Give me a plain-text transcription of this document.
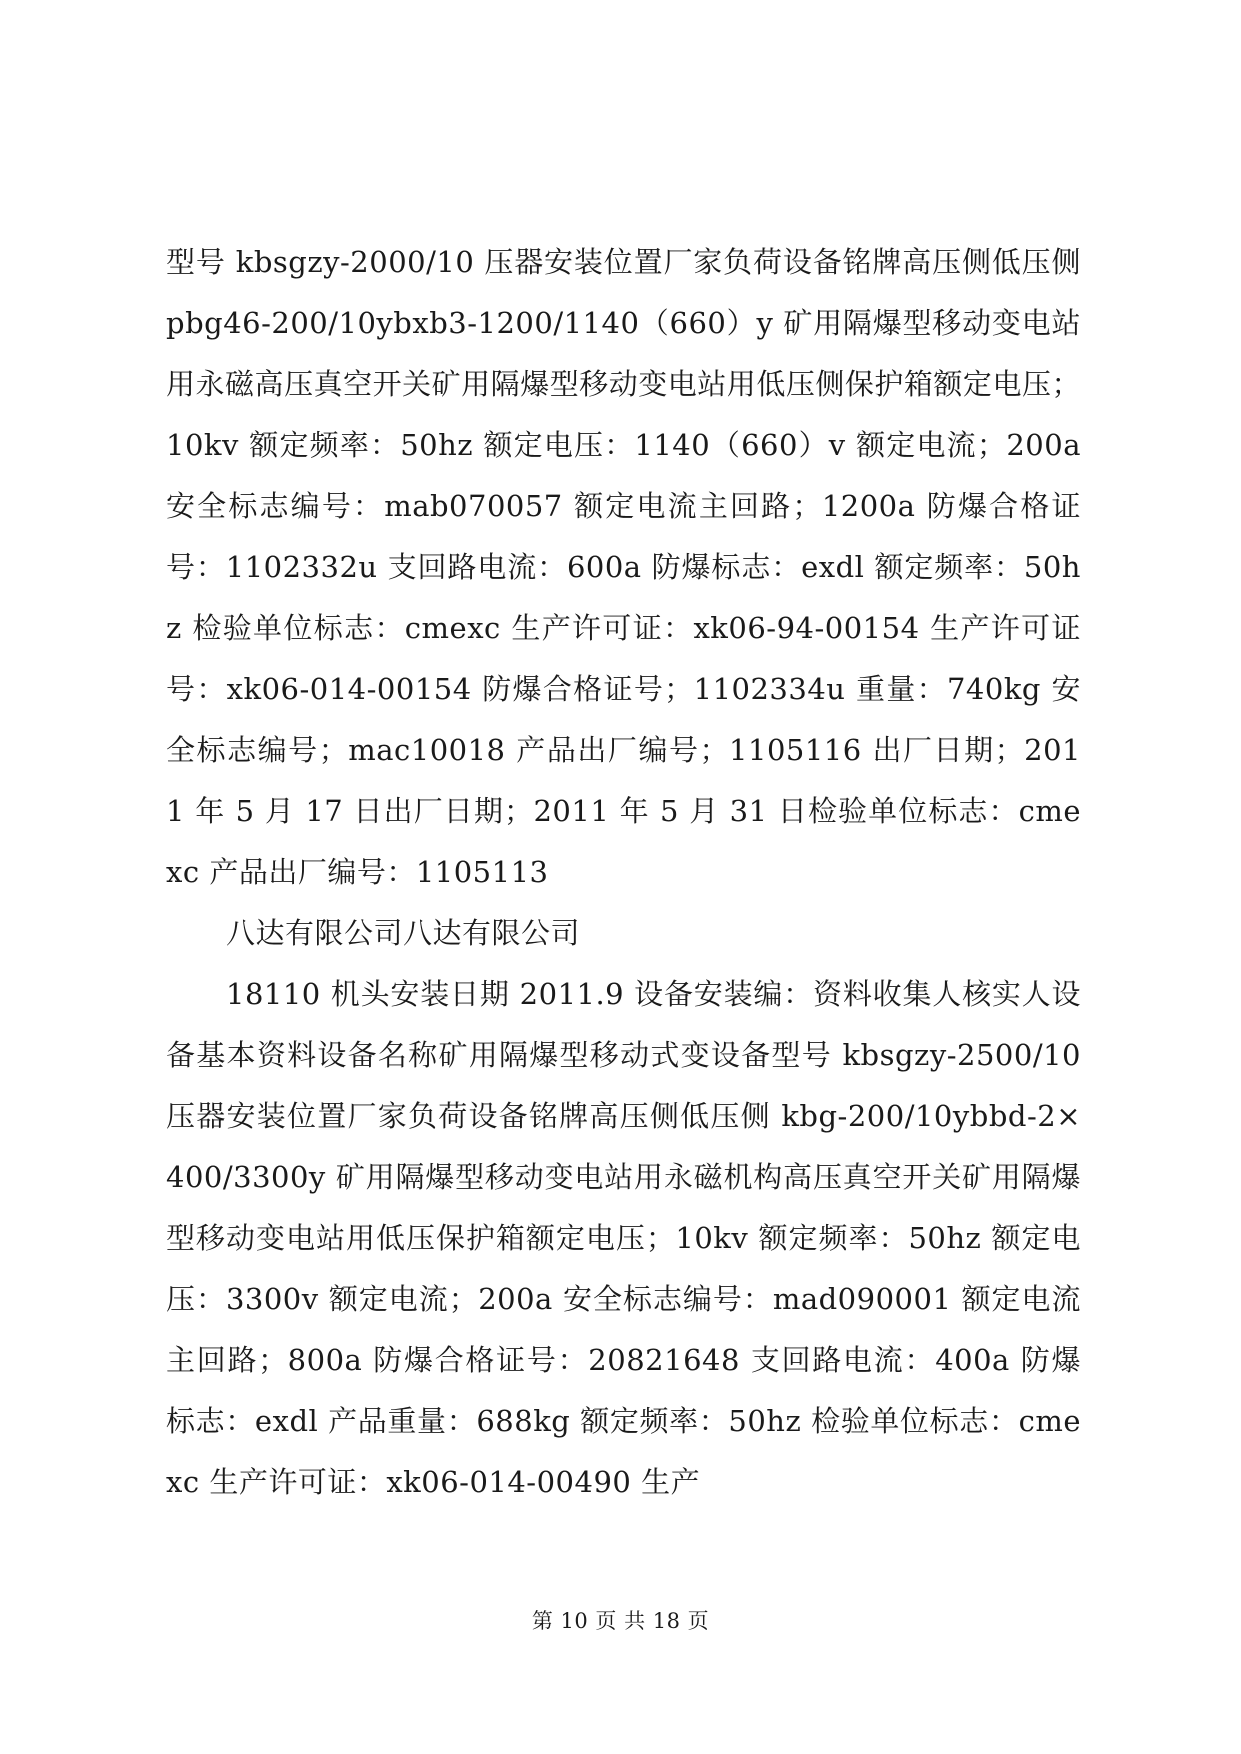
型号 kbsgzy-2000/10 压器安装位置厂家负荷设备铭牌高压侧低压侧 pbg46-200/10ybxb3-1200/1140（660）y 矿用隔爆型移动变电站用永磁高压真空开关矿用隔爆型移动变电站用低压侧保护箱额定电压；10kv 额定频率：50hz 额定电压：1140（660）v 额定电流；200a 安全标志编号：mab070057 额定电流主回路；1200a 防爆合格证号：1102332u 支回路电流：600a 防爆标志：exdl 额定频率：50hz 检验单位标志：cmexc 生产许可证：xk06-94-00154 生产许可证号：xk06-014-00154 防爆合格证号；1102334u 重量：740kg 安全标志编号；mac10018 产品出厂编号；1105116 出厂日期；2011 年 5 月 17 日出厂日期；2011 年 5 月 31 日检验单位标志：cmexc 产品出厂编号：1105113

八达有限公司八达有限公司

18110 机头安装日期 2011.9 设备安装编：资料收集人核实人设备基本资料设备名称矿用隔爆型移动式变设备型号 kbsgzy-2500/10 压器安装位置厂家负荷设备铭牌高压侧低压侧 kbg-200/10ybbd-2×400/3300y 矿用隔爆型移动变电站用永磁机构高压真空开关矿用隔爆型移动变电站用低压保护箱额定电压；10kv 额定频率：50hz 额定电压：3300v 额定电流；200a 安全标志编号：mad090001 额定电流主回路；800a 防爆合格证号：20821648 支回路电流：400a 防爆标志：exdl 产品重量：688kg 额定频率：50hz 检验单位标志：cmexc 生产许可证：xk06-014-00490 生产

第 10 页 共 18 页
